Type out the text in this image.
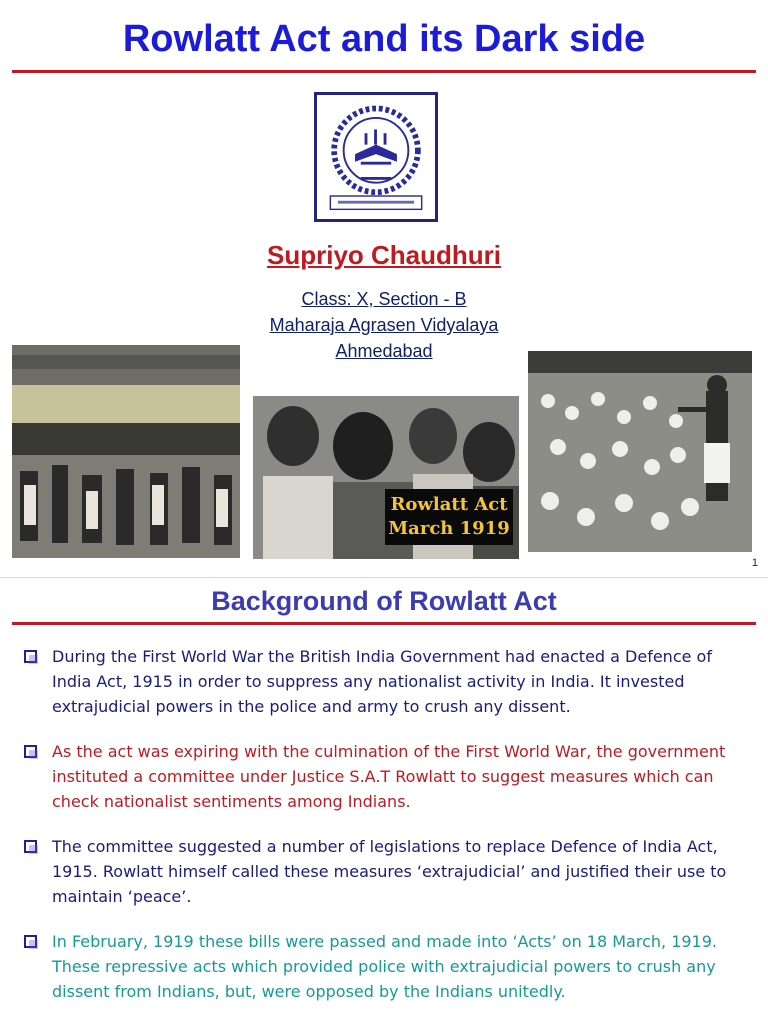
Rowlatt Act and its Dark side
Supriyo Chaudhuri
Class: X, Section - B
Maharaja Agrasen Vidyalaya
Ahmedabad
Rowlatt Act
March 1919
1
Background of Rowlatt Act
During the First World War the British India Government had enacted a Defence of India Act, 1915 in order to suppress any nationalist activity in India. It invested extrajudicial powers in the police and army to crush any dissent.
As the act was expiring with the culmination of the First World War, the government instituted a committee under Justice S.A.T Rowlatt to suggest measures which can check nationalist sentiments among Indians.
The committee suggested a number of legislations to replace Defence of India Act, 1915. Rowlatt himself called these measures ‘extrajudicial’ and justified their use to maintain ‘peace’.
In February, 1919 these bills were passed and made into ‘Acts’ on 18 March, 1919. These repressive acts which provided police with extrajudicial powers to crush any dissent from Indians, but, were opposed by the Indians unitedly.
